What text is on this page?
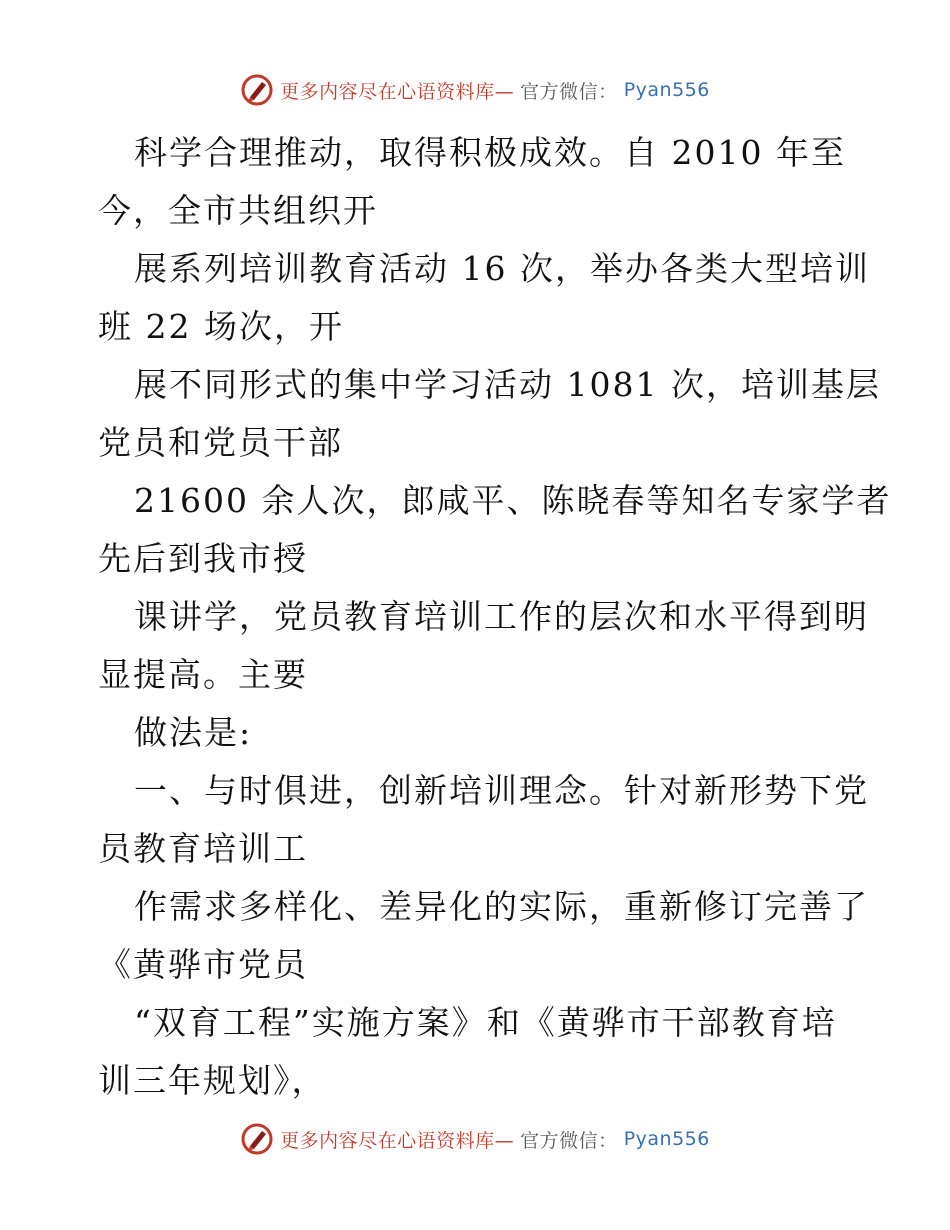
更多内容尽在心语资料库— 官方微信： Pyan556
科学合理推动，取得积极成效。自 2010 年至
今，全市共组织开
展系列培训教育活动 16 次，举办各类大型培训
班 22 场次，开
展不同形式的集中学习活动 1081 次，培训基层
党员和党员干部
21600 余人次，郎咸平、陈晓春等知名专家学者
先后到我市授
课讲学，党员教育培训工作的层次和水平得到明
显提高。主要
做法是:
一、与时俱进，创新培训理念。针对新形势下党
员教育培训工
作需求多样化、差异化的实际，重新修订完善了
《黄骅市党员
“双育工程”实施方案》和《黄骅市干部教育培
训三年规划》，
更多内容尽在心语资料库— 官方微信： Pyan556
